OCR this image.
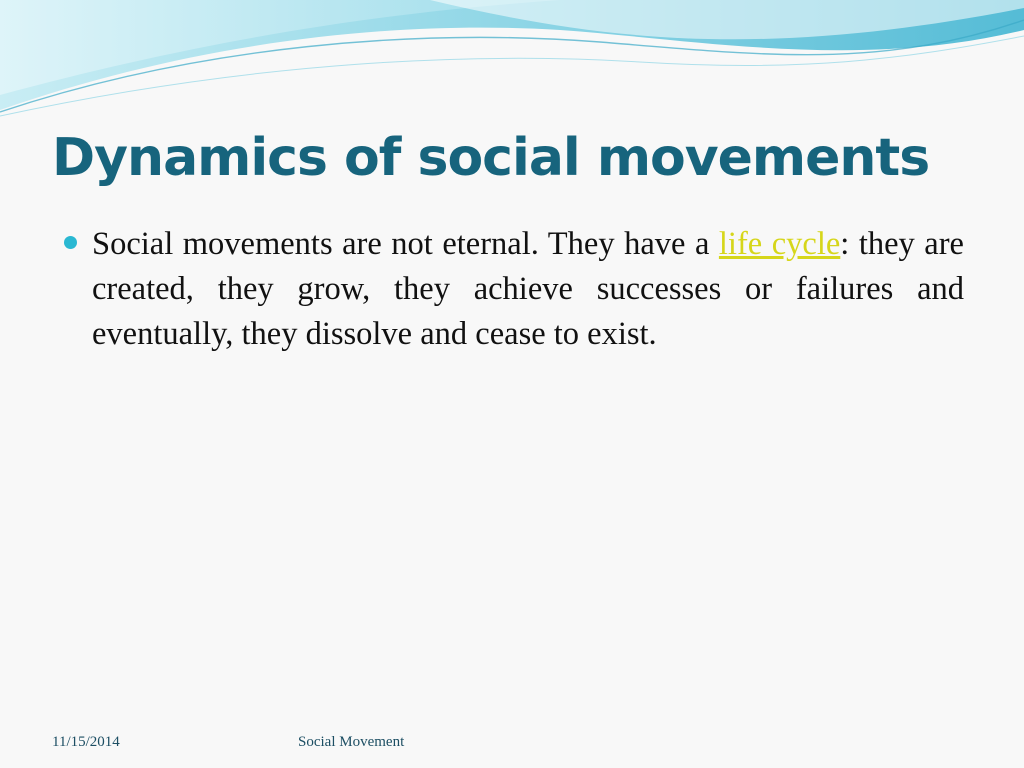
Dynamics of social movements

Social movements are not eternal. They have a life cycle: they are created, they grow, they achieve successes or failures and eventually, they dissolve and cease to exist.

11/15/2014	Social Movement
